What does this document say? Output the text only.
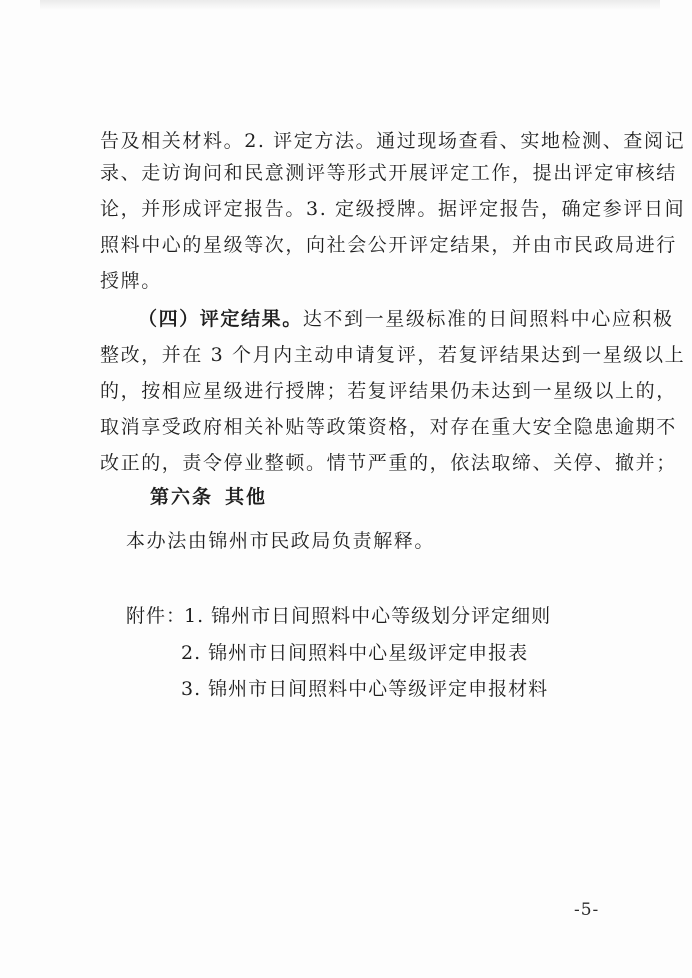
告及相关材料。2. 评定方法。通过现场查看、实地检测、查阅记
录、走访询问和民意测评等形式开展评定工作，提出评定审核结
论，并形成评定报告。3. 定级授牌。据评定报告，确定参评日间
照料中心的星级等次，向社会公开评定结果，并由市民政局进行
授牌。
（四）评定结果。达不到一星级标准的日间照料中心应积极
整改，并在 3 个月内主动申请复评，若复评结果达到一星级以上
的，按相应星级进行授牌；若复评结果仍未达到一星级以上的，
取消享受政府相关补贴等政策资格，对存在重大安全隐患逾期不
改正的，责令停业整顿。情节严重的，依法取缔、关停、撤并；
第六条 其他
本办法由锦州市民政局负责解释。
附件：
1. 锦州市日间照料中心等级划分评定细则
2. 锦州市日间照料中心星级评定申报表
3. 锦州市日间照料中心等级评定申报材料
-5-
